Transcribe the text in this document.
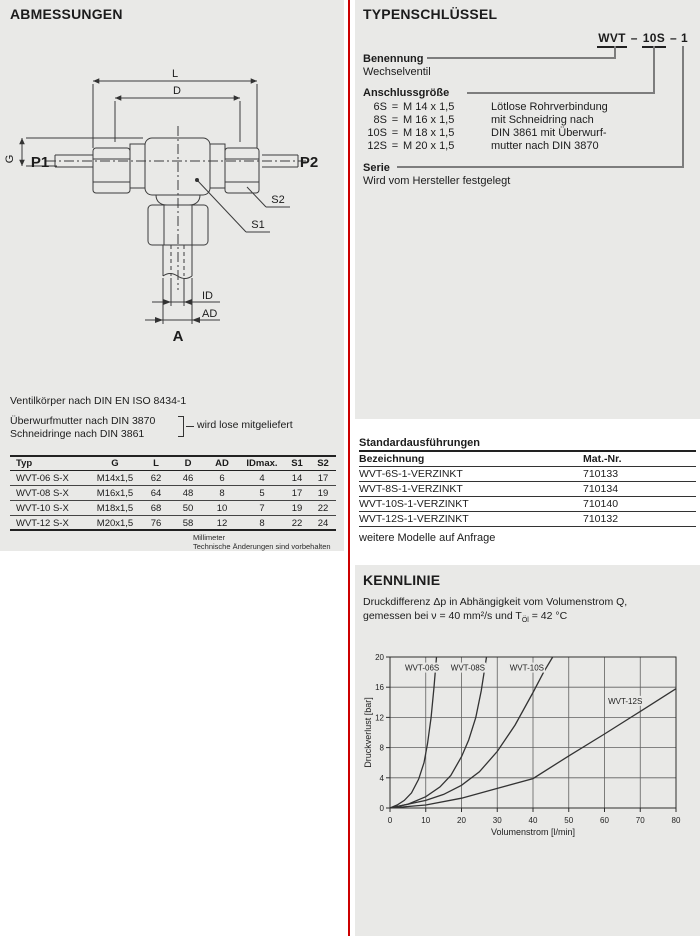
ABMESSUNGEN
L
D
G P1	P2
S1
S2
ID
AD
A
Ventilkörper nach DIN EN ISO 8434-1
Überwurfmutter nach DIN 3870
Schneidringe nach DIN 3861
wird lose mitgeliefert
Typ	G	L	D	AD	IDmax.	S1	S2
WVT-06 S-X	M14x1,5	62	46	6	4	14	17
WVT-08 S-X	M16x1,5	64	48	8	5	17	19
WVT-10 S-X	M18x1,5	68	50	10	7	19	22
WVT-12 S-X	M20x1,5	76	58	12	8	22	24
Millimeter
Technische Änderungen sind vorbehalten
TYPENSCHLÜSSEL
WVT – 10S – 1
Benennung
Wechselventil
Anschlussgröße
6S = M 14 x 1,5	Lötlose Rohrverbindung
8S = M 16 x 1,5	mit Schneidring nach
10S = M 18 x 1,5	DIN 3861 mit Überwurf-
12S = M 20 x 1,5	mutter nach DIN 3870
Serie
Wird vom Hersteller festgelegt
Standardausführungen
Bezeichnung	Mat.-Nr.
WVT-6S-1-VERZINKT	710133
WVT-8S-1-VERZINKT	710134
WVT-10S-1-VERZINKT	710140
WVT-12S-1-VERZINKT	710132
weitere Modelle auf Anfrage
KENNLINIE
Druckdifferenz Δp in Abhängigkeit vom Volumenstrom Q,
gemessen bei ν = 40 mm²/s und $T_{Öl} = 42$ °C
0	10	20	30	40	50	60	70	80
0
4
8
12
16
20
WVT-06S WVT-08S	WVT-10S
WVT-12S
Volumenstrom [l/min]
Druckverlust [bar]
